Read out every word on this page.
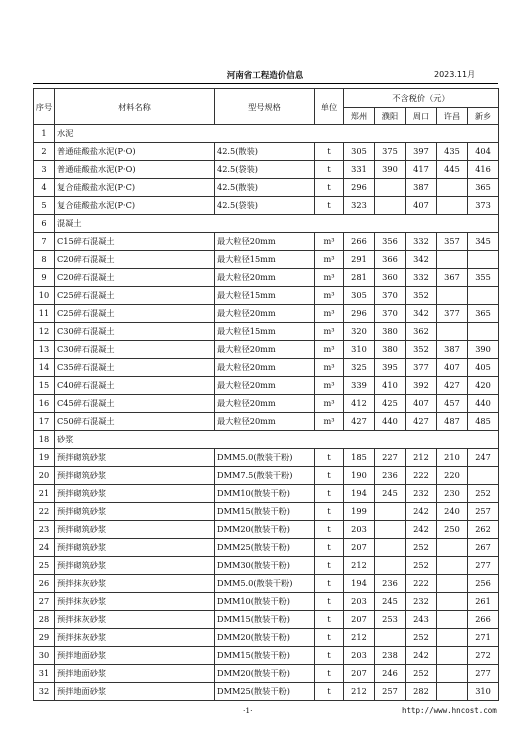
河南省工程造价信息	2023.11月
序号	材料名称	型号规格	单位	不含税价（元）				
				郑州	濮阳	周口	许昌	新乡
1	水泥							
2	普通硅酸盐水泥(P·O)	42.5(散装)	t	305	375	397	435	404
3	普通硅酸盐水泥(P·O)	42.5(袋装)	t	331	390	417	445	416
4	复合硅酸盐水泥(P·C)	42.5(散装)	t	296		387		365
5	复合硅酸盐水泥(P·C)	42.5(袋装)	t	323		407		373
6	混凝土							
7	C15碎石混凝土	最大粒径20mm	m³	266	356	332	357	345
8	C20碎石混凝土	最大粒径15mm	m³	291	366	342		
9	C20碎石混凝土	最大粒径20mm	m³	281	360	332	367	355
10	C25碎石混凝土	最大粒径15mm	m³	305	370	352		
11	C25碎石混凝土	最大粒径20mm	m³	296	370	342	377	365
12	C30碎石混凝土	最大粒径15mm	m³	320	380	362		
13	C30碎石混凝土	最大粒径20mm	m³	310	380	352	387	390
14	C35碎石混凝土	最大粒径20mm	m³	325	395	377	407	405
15	C40碎石混凝土	最大粒径20mm	m³	339	410	392	427	420
16	C45碎石混凝土	最大粒径20mm	m³	412	425	407	457	440
17	C50碎石混凝土	最大粒径20mm	m³	427	440	427	487	485
18	砂浆							
19	预拌砌筑砂浆	DMM5.0(散装干粉)	t	185	227	212	210	247
20	预拌砌筑砂浆	DMM7.5(散装干粉)	t	190	236	222	220	
21	预拌砌筑砂浆	DMM10(散装干粉)	t	194	245	232	230	252
22	预拌砌筑砂浆	DMM15(散装干粉)	t	199		242	240	257
23	预拌砌筑砂浆	DMM20(散装干粉)	t	203		242	250	262
24	预拌砌筑砂浆	DMM25(散装干粉)	t	207		252		267
25	预拌砌筑砂浆	DMM30(散装干粉)	t	212		252		277
26	预拌抹灰砂浆	DMM5.0(散装干粉)	t	194	236	222		256
27	预拌抹灰砂浆	DMM10(散装干粉)	t	203	245	232		261
28	预拌抹灰砂浆	DMM15(散装干粉)	t	207	253	243		266
29	预拌抹灰砂浆	DMM20(散装干粉)	t	212		252		271
30	预拌地面砂浆	DMM15(散装干粉)	t	203	238	242		272
31	预拌地面砂浆	DMM20(散装干粉)	t	207	246	252		277
32	预拌地面砂浆	DMM25(散装干粉)	t	212	257	282		310
·1·	http://www.hncost.com
